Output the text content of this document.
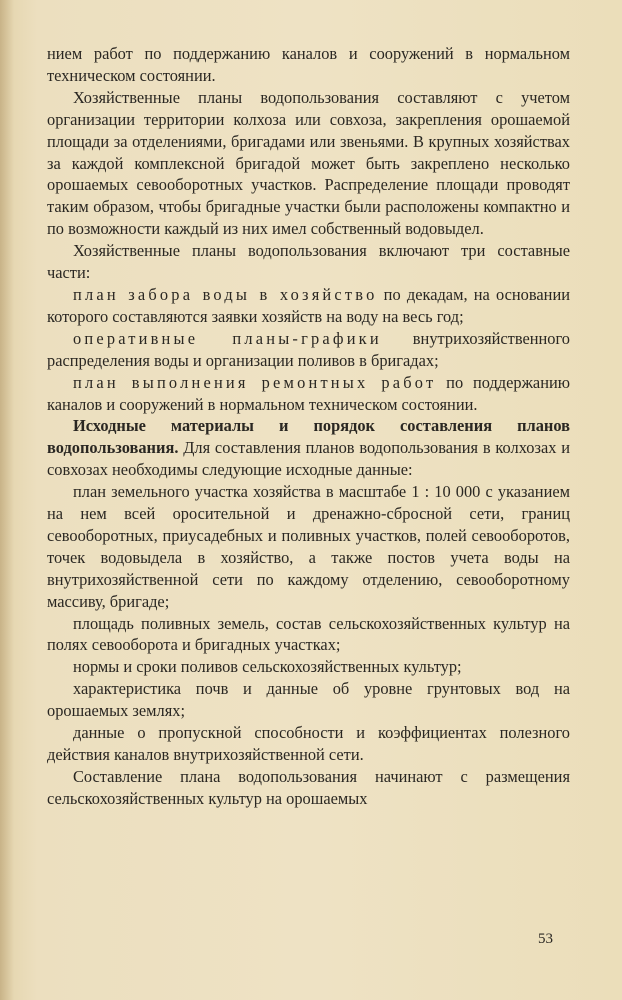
нием работ по поддержанию каналов и сооружений в нормальном техническом состоянии.

Хозяйственные планы водопользования составляют с учетом организации территории колхоза или совхоза, закрепления орошаемой площади за отделениями, бригадами или звеньями. В крупных хозяйствах за каждой комплексной бригадой может быть закреплено несколько орошаемых севооборотных участков. Распределение площади проводят таким образом, чтобы бригадные участки были расположены компактно и по возможности каждый из них имел собственный водовыдел.

Хозяйственные планы водопользования включают три составные части:

план забора воды в хозяйство по декадам, на основании которого составляются заявки хозяйств на воду на весь год;

оперативные планы-графики внутрихозяйственного распределения воды и организации поливов в бригадах;

план выполнения ремонтных работ по поддержанию каналов и сооружений в нормальном техническом состоянии.

Исходные материалы и порядок составления планов водопользования. Для составления планов водопользования в колхозах и совхозах необходимы следующие исходные данные:

план земельного участка хозяйства в масштабе 1 : 10 000 с указанием на нем всей оросительной и дренажно-сбросной сети, границ севооборотных, приусадебных и поливных участков, полей севооборотов, точек водовыдела в хозяйство, а также постов учета воды на внутрихозяйственной сети по каждому отделению, севооборотному массиву, бригаде;

площадь поливных земель, состав сельскохозяйственных культур на полях севооборота и бригадных участках;

нормы и сроки поливов сельскохозяйственных культур;

характеристика почв и данные об уровне грунтовых вод на орошаемых землях;

данные о пропускной способности и коэффициентах полезного действия каналов внутрихозяйственной сети.

Составление плана водопользования начинают с размещения сельскохозяйственных культур на орошаемых

53
